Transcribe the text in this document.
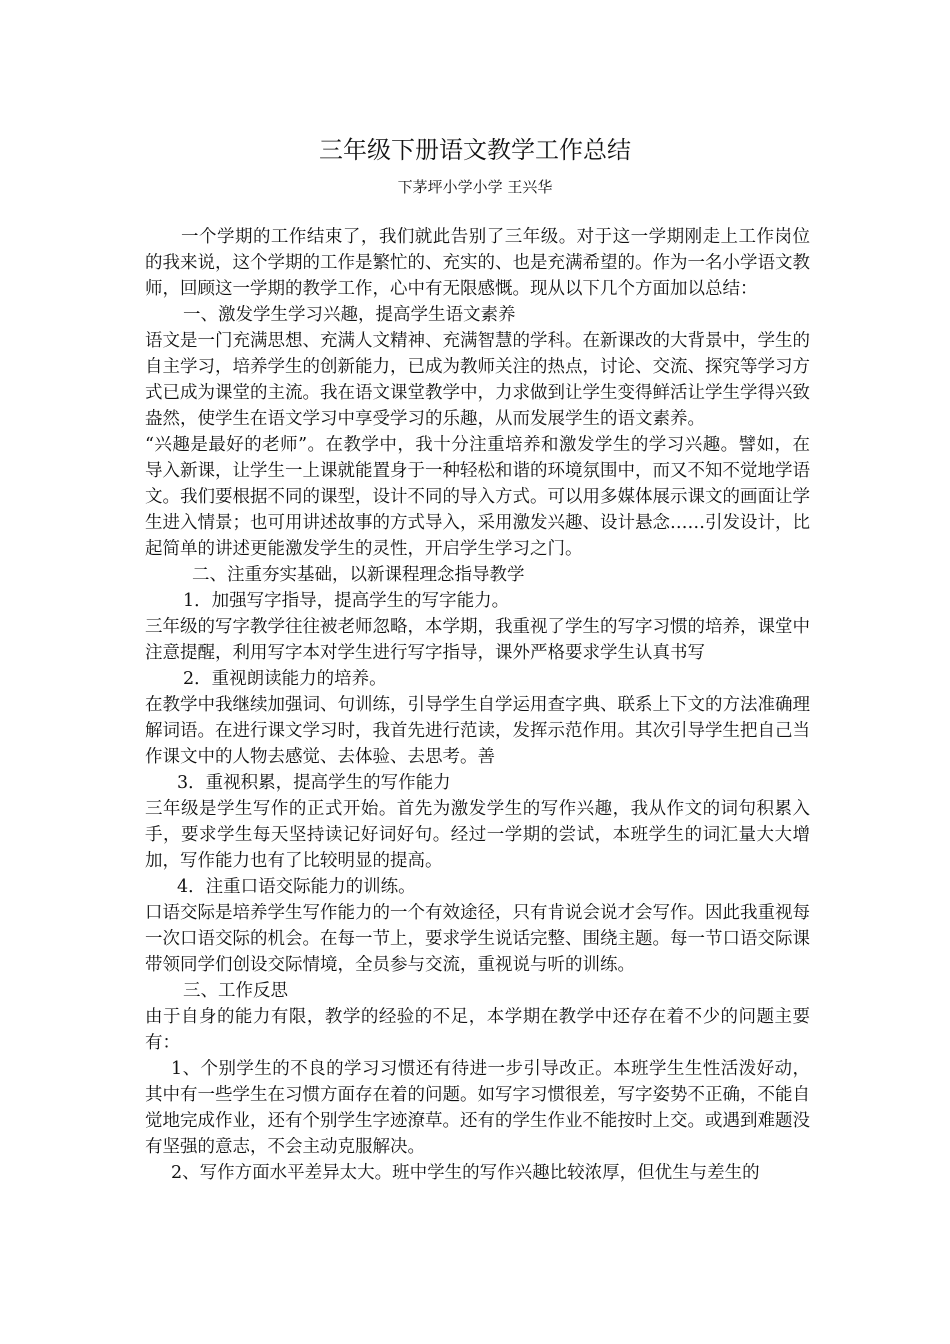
三年级下册语文教学工作总结
下茅坪小学小学 王兴华

一个学期的工作结束了，我们就此告别了三年级。对于这一学期刚走上工作岗位的我来说，这个学期的工作是繁忙的、充实的、也是充满希望的。作为一名小学语文教师，回顾这一学期的教学工作，心中有无限感慨。现从以下几个方面加以总结：

一、激发学生学习兴趣，提高学生语文素养

语文是一门充满思想、充满人文精神、充满智慧的学科。在新课改的大背景中，学生的自主学习，培养学生的创新能力，已成为教师关注的热点，讨论、交流、探究等学习方式已成为课堂的主流。我在语文课堂教学中，力求做到让学生变得鲜活让学生学得兴致盎然，使学生在语文学习中享受学习的乐趣，从而发展学生的语文素养。

“兴趣是最好的老师”。在教学中，我十分注重培养和激发学生的学习兴趣。譬如，在导入新课，让学生一上课就能置身于一种轻松和谐的环境氛围中，而又不知不觉地学语文。我们要根据不同的课型，设计不同的导入方式。可以用多媒体展示课文的画面让学生进入情景；也可用讲述故事的方式导入，采用激发兴趣、设计悬念……引发设计，比起简单的讲述更能激发学生的灵性，开启学生学习之门。

二、注重夯实基础，以新课程理念指导教学

1．加强写字指导，提高学生的写字能力。

三年级的写字教学往往被老师忽略，本学期，我重视了学生的写字习惯的培养，课堂中注意提醒，利用写字本对学生进行写字指导，课外严格要求学生认真书写

2．重视朗读能力的培养。

在教学中我继续加强词、句训练，引导学生自学运用查字典、联系上下文的方法准确理解词语。在进行课文学习时，我首先进行范读，发挥示范作用。其次引导学生把自己当作课文中的人物去感觉、去体验、去思考。善

3．重视积累，提高学生的写作能力

三年级是学生写作的正式开始。首先为激发学生的写作兴趣，我从作文的词句积累入手，要求学生每天坚持读记好词好句。经过一学期的尝试，本班学生的词汇量大大增加，写作能力也有了比较明显的提高。

4．注重口语交际能力的训练。

口语交际是培养学生写作能力的一个有效途径，只有肯说会说才会写作。因此我重视每一次口语交际的机会。在每一节上，要求学生说话完整、围绕主题。每一节口语交际课带领同学们创设交际情境，全员参与交流，重视说与听的训练。

三、工作反思

由于自身的能力有限，教学的经验的不足，本学期在教学中还存在着不少的问题主要有：

1、个别学生的不良的学习习惯还有待进一步引导改正。本班学生生性活泼好动，其中有一些学生在习惯方面存在着的问题。如写字习惯很差，写字姿势不正确，不能自觉地完成作业，还有个别学生字迹潦草。还有的学生作业不能按时上交。或遇到难题没有坚强的意志，不会主动克服解决。

2、写作方面水平差异太大。班中学生的写作兴趣比较浓厚，但优生与差生的
